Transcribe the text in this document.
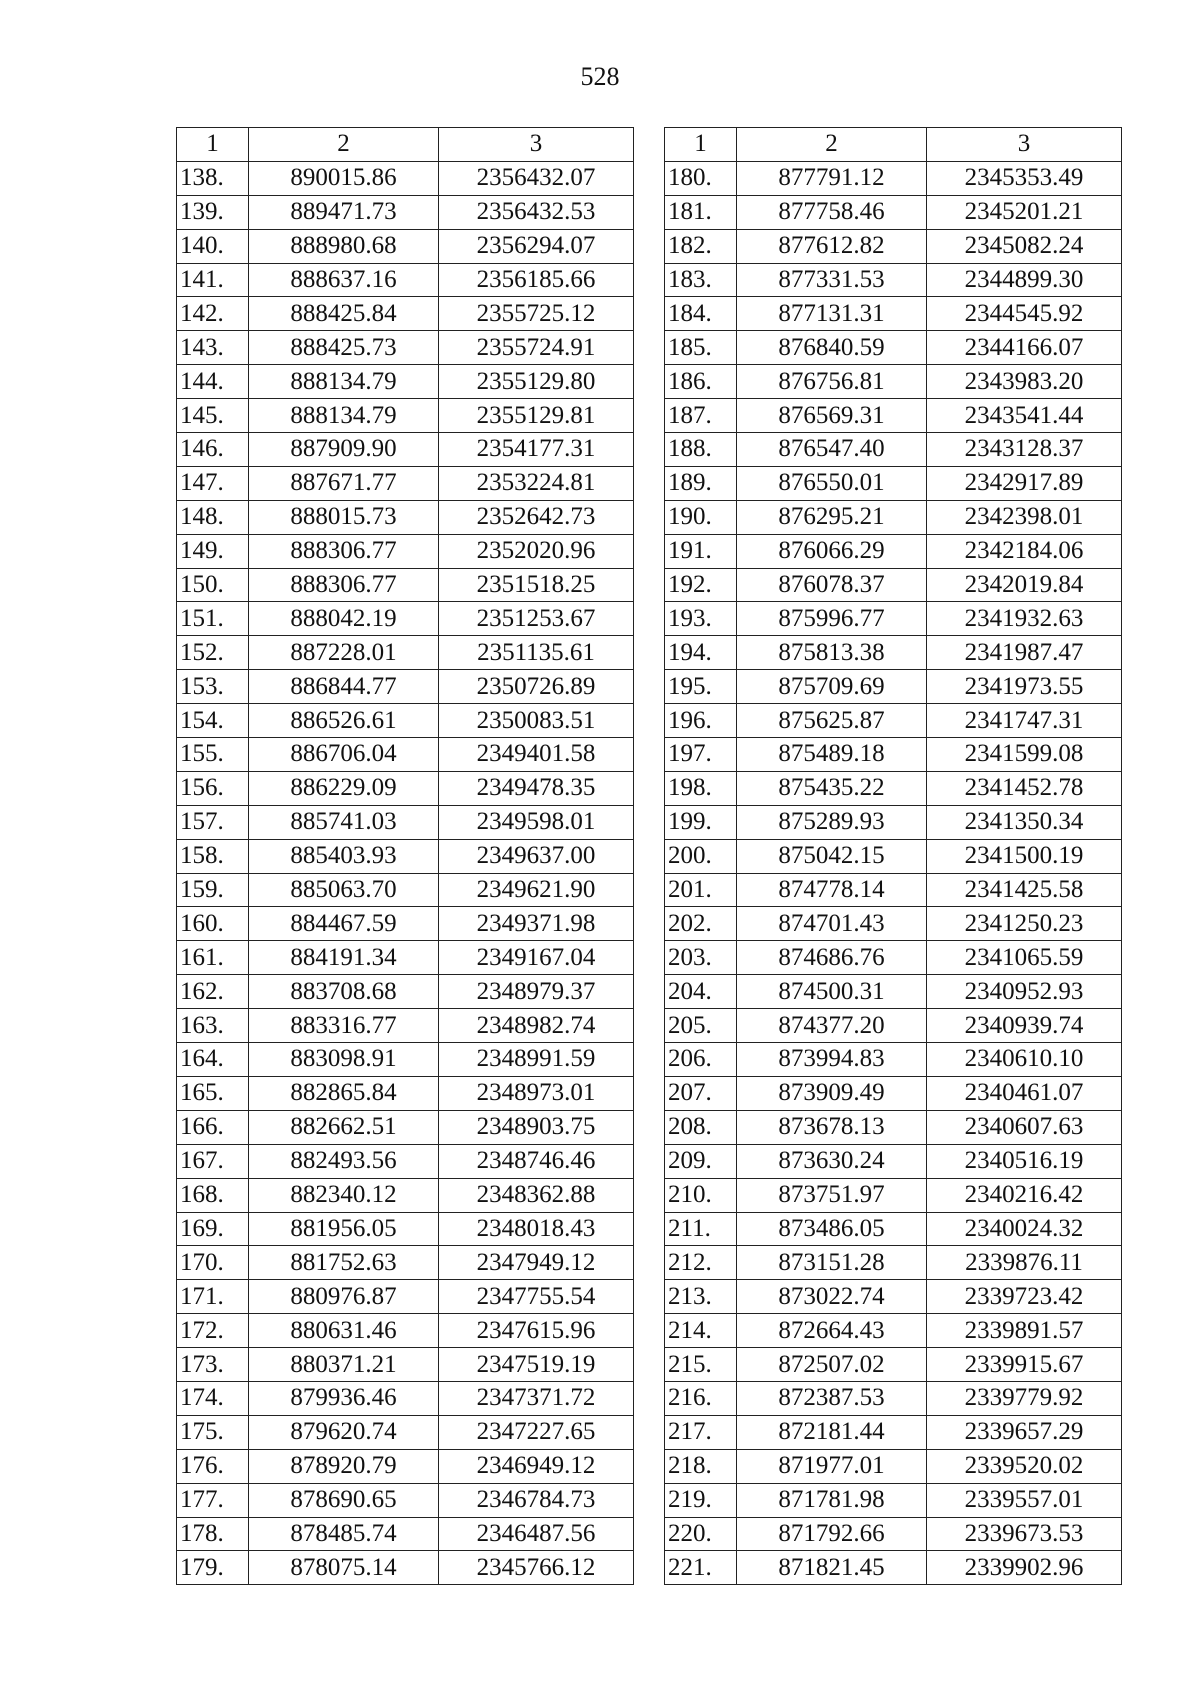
528
1	2	3
138.	890015.86	2356432.07
139.	889471.73	2356432.53
140.	888980.68	2356294.07
141.	888637.16	2356185.66
142.	888425.84	2355725.12
143.	888425.73	2355724.91
144.	888134.79	2355129.80
145.	888134.79	2355129.81
146.	887909.90	2354177.31
147.	887671.77	2353224.81
148.	888015.73	2352642.73
149.	888306.77	2352020.96
150.	888306.77	2351518.25
151.	888042.19	2351253.67
152.	887228.01	2351135.61
153.	886844.77	2350726.89
154.	886526.61	2350083.51
155.	886706.04	2349401.58
156.	886229.09	2349478.35
157.	885741.03	2349598.01
158.	885403.93	2349637.00
159.	885063.70	2349621.90
160.	884467.59	2349371.98
161.	884191.34	2349167.04
162.	883708.68	2348979.37
163.	883316.77	2348982.74
164.	883098.91	2348991.59
165.	882865.84	2348973.01
166.	882662.51	2348903.75
167.	882493.56	2348746.46
168.	882340.12	2348362.88
169.	881956.05	2348018.43
170.	881752.63	2347949.12
171.	880976.87	2347755.54
172.	880631.46	2347615.96
173.	880371.21	2347519.19
174.	879936.46	2347371.72
175.	879620.74	2347227.65
176.	878920.79	2346949.12
177.	878690.65	2346784.73
178.	878485.74	2346487.56
179.	878075.14	2345766.12
1	2	3
180.	877791.12	2345353.49
181.	877758.46	2345201.21
182.	877612.82	2345082.24
183.	877331.53	2344899.30
184.	877131.31	2344545.92
185.	876840.59	2344166.07
186.	876756.81	2343983.20
187.	876569.31	2343541.44
188.	876547.40	2343128.37
189.	876550.01	2342917.89
190.	876295.21	2342398.01
191.	876066.29	2342184.06
192.	876078.37	2342019.84
193.	875996.77	2341932.63
194.	875813.38	2341987.47
195.	875709.69	2341973.55
196.	875625.87	2341747.31
197.	875489.18	2341599.08
198.	875435.22	2341452.78
199.	875289.93	2341350.34
200.	875042.15	2341500.19
201.	874778.14	2341425.58
202.	874701.43	2341250.23
203.	874686.76	2341065.59
204.	874500.31	2340952.93
205.	874377.20	2340939.74
206.	873994.83	2340610.10
207.	873909.49	2340461.07
208.	873678.13	2340607.63
209.	873630.24	2340516.19
210.	873751.97	2340216.42
211.	873486.05	2340024.32
212.	873151.28	2339876.11
213.	873022.74	2339723.42
214.	872664.43	2339891.57
215.	872507.02	2339915.67
216.	872387.53	2339779.92
217.	872181.44	2339657.29
218.	871977.01	2339520.02
219.	871781.98	2339557.01
220.	871792.66	2339673.53
221.	871821.45	2339902.96
